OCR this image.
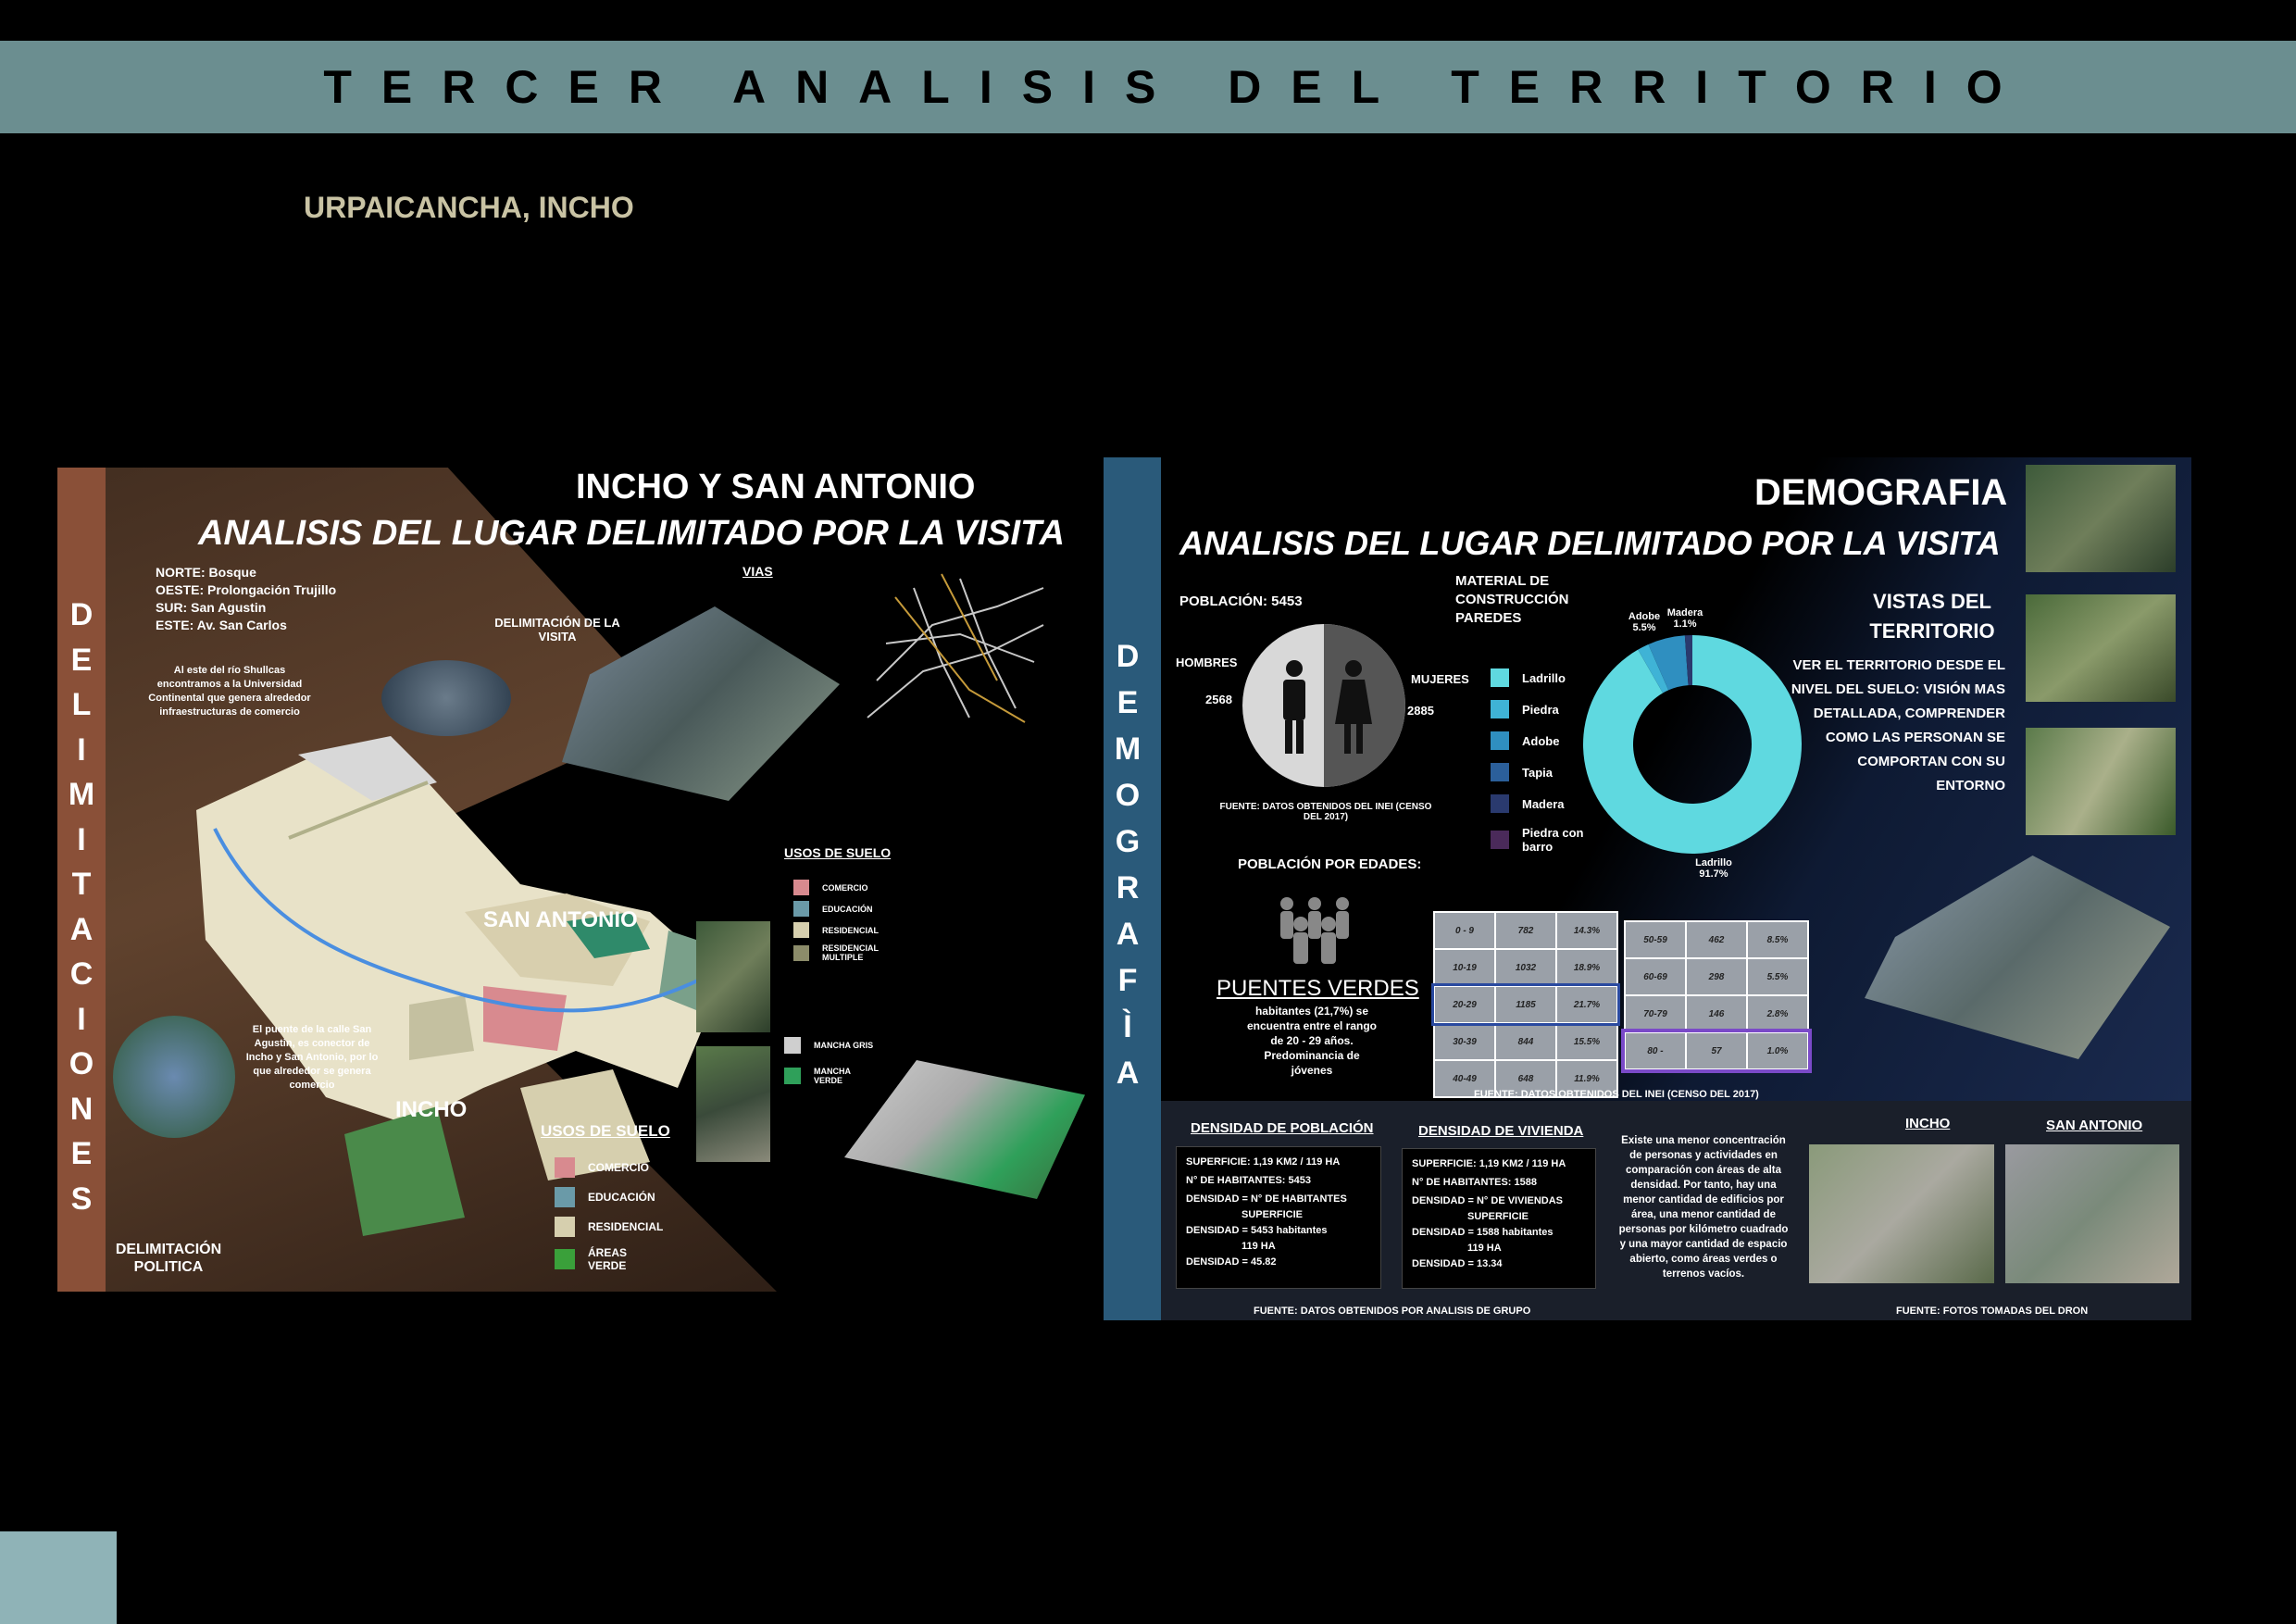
TERCER ANALISIS DEL TERRITORIO
URPAICANCHA, INCHO
D
E
L
I
M
I
T
A
C
I
O
N
E
S
INCHO Y SAN ANTONIO
ANALISIS DEL LUGAR DELIMITADO POR LA VISITA
NORTE: Bosque
OESTE: Prolongación Trujillo
SUR: San Agustin
ESTE: Av. San Carlos
Al este del río Shullcas encontramos a la Universidad Continental que genera alrededor infraestructuras de comercio
DELIMITACIÓN DE LA VISITA
VIAS
SAN ANTONIO
INCHO
El puente de la calle San Agustin, es conector de Incho y San Antonio, por lo que alrededor se genera comercio
DELIMITACIÓN POLITICA
USOS DE SUELO
COMERCIO
EDUCACIÓN
RESIDENCIAL
RESIDENCIAL MULTIPLE
MANCHA GRIS
MANCHA VERDE
USOS DE SUELO
COMERCIO
EDUCACIÓN
RESIDENCIAL
ÁREAS VERDE
D
E
M
O
G
R
A
F
Ì
A
DEMOGRAFIA
ANALISIS DEL LUGAR DELIMITADO POR LA VISITA
POBLACIÓN: 5453
HOMBRES
2568
MUJERES
2885
FUENTE: DATOS OBTENIDOS DEL INEI (CENSO DEL 2017)
MATERIAL DE CONSTRUCCIÓN PAREDES
Ladrillo
Piedra
Adobe
Tapia
Madera
Piedra con barro
Adobe 5.5%
Madera 1.1%
Ladrillo 91.7%
VISTAS DEL TERRITORIO
VER EL TERRITORIO DESDE EL NIVEL DEL SUELO: VISIÓN MAS DETALLADA, COMPRENDER COMO LAS PERSONAN SE COMPORTAN CON SU ENTORNO
POBLACIÓN POR EDADES:
PUENTES VERDES
habitantes (21,7%) se encuentra entre el rango de 20 - 29 años. Predominancia de jóvenes
0 - 9	782	14.3%
10-19	1032	18.9%
20-29	1185	21.7%
30-39	844	15.5%
40-49	648	11.9%
50-59	462	8.5%
60-69	298	5.5%
70-79	146	2.8%
80 -	57	1.0%
FUENTE: DATOS OBTENIDOS DEL INEI (CENSO DEL 2017)
DENSIDAD DE POBLACIÓN
SUPERFICIE: 1,19 KM2 / 119 HA
N° DE HABITANTES: 5453
DENSIDAD = N° DE HABITANTES
SUPERFICIE
DENSIDAD = 5453 habitantes
119 HA
DENSIDAD = 45.82
DENSIDAD DE VIVIENDA
SUPERFICIE: 1,19 KM2 / 119 HA
N° DE HABITANTES: 1588
DENSIDAD = N° DE VIVIENDAS
SUPERFICIE
DENSIDAD = 1588 habitantes
119 HA
DENSIDAD = 13.34
Existe una menor concentración de personas y actividades en comparación con áreas de alta densidad. Por tanto, hay una menor cantidad de edificios por área, una menor cantidad de personas por kilómetro cuadrado y una mayor cantidad de espacio abierto, como áreas verdes o terrenos vacíos.
FUENTE: DATOS OBTENIDOS POR ANALISIS DE GRUPO
INCHO	SAN ANTONIO
FUENTE: FOTOS TOMADAS DEL DRON
